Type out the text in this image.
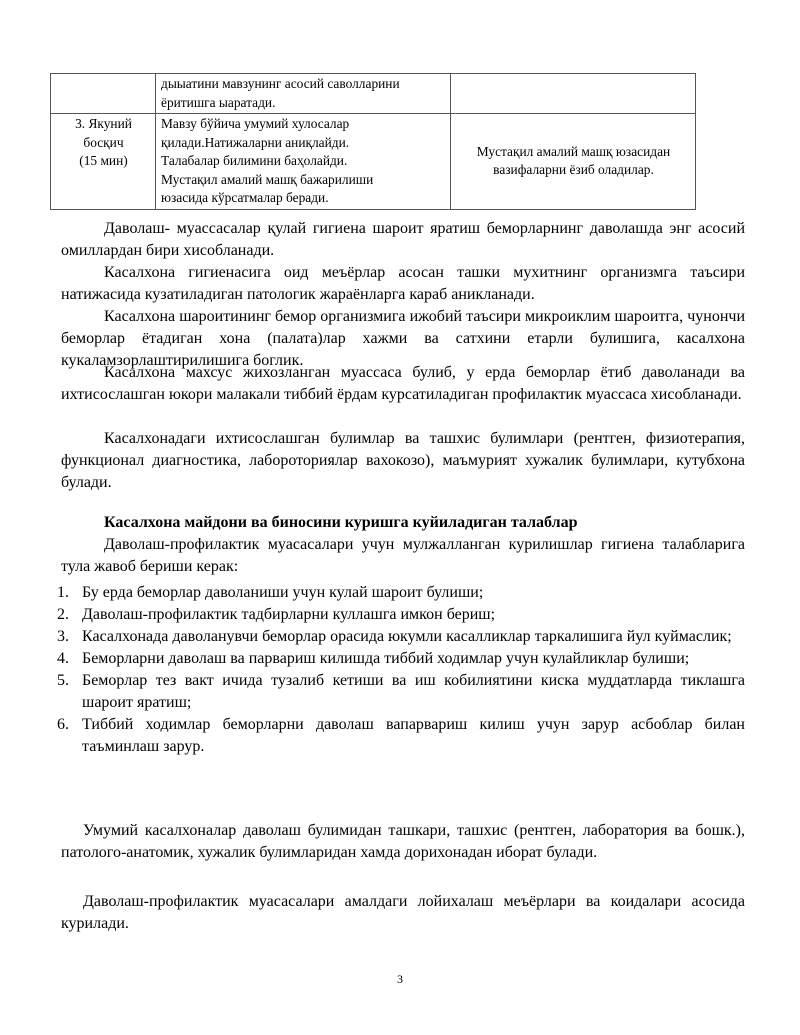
	дыыатини мавзунинг асосий саволларини
ёритишга ыаратади.	

3. Якуний
босқич
(15 мин)	Мавзу бўйича умумий хулосалар
қилади.Натижаларни аниқлайди.
Талабалар билимини баҳолайди.
Мустақил амалий машқ бажарилиши
юзасида кўрсатмалар беради.	Мустақил амалий машқ юзасидан
вазифаларни ёзиб оладилар.

Даволаш- муассасалар қулай гигиена шароит яратиш беморларнинг даволашда энг асосий омиллардан бири хисобланади.

Касалхона гигиенасига оид меъёрлар асосан ташки мухитнинг организмга таъсири натижасида кузатиладиган патологик жараёнларга караб аникланади.

Касалхона шароитининг бемор организмига ижобий таъсири микроиклим шароитга, чунончи беморлар ётадиган хона (палата)лар хажми ва сатхини етарли булишига, касалхона кукаламзорлаштирилишига боглик.

Касалхона махсус жихозланган муассаса булиб, у ерда беморлар ётиб даволанади ва ихтисослашган юкори малакали тиббий ёрдам курсатиладиган профилактик муассаса хисобланади.

Касалхонадаги ихтисослашган булимлар ва ташхис булимлари (рентген, физиотерапия, функционал диагностика, лабороториялар вахокозо), маъмурият хужалик булимлари, кутубхона булади.

Касалхона майдони ва биносини куришга куйиладиган талаблар

Даволаш-профилактик муасасалари учун мулжалланган курилишлар гигиена талабларига тула жавоб бериши керак:

1. Бу ерда беморлар даволаниши учун кулай шароит булиши;
2. Даволаш-профилактик тадбирларни куллашга имкон бериш;
3. Касалхонада даволанувчи беморлар орасида юкумли касалликлар таркалишига йул куймаслик;
4. Беморларни даволаш ва парвариш килишда тиббий ходимлар учун кулайликлар булиши;
5. Беморлар тез вакт ичида тузалиб кетиши ва иш кобилиятини киска муддатларда тиклашга шароит яратиш;
6. Тиббий ходимлар беморларни даволаш вапарвариш килиш учун зарур асбоблар билан таъминлаш зарур.

Умумий касалхоналар даволаш булимидан ташкари, ташхис (рентген, лаборатория ва бошк.), патолого-анатомик, хужалик булимларидан хамда дорихонадан иборат булади.

Даволаш-профилактик муасасалари амалдаги лойихалаш меъёрлари ва коидалари асосида курилади.

3
